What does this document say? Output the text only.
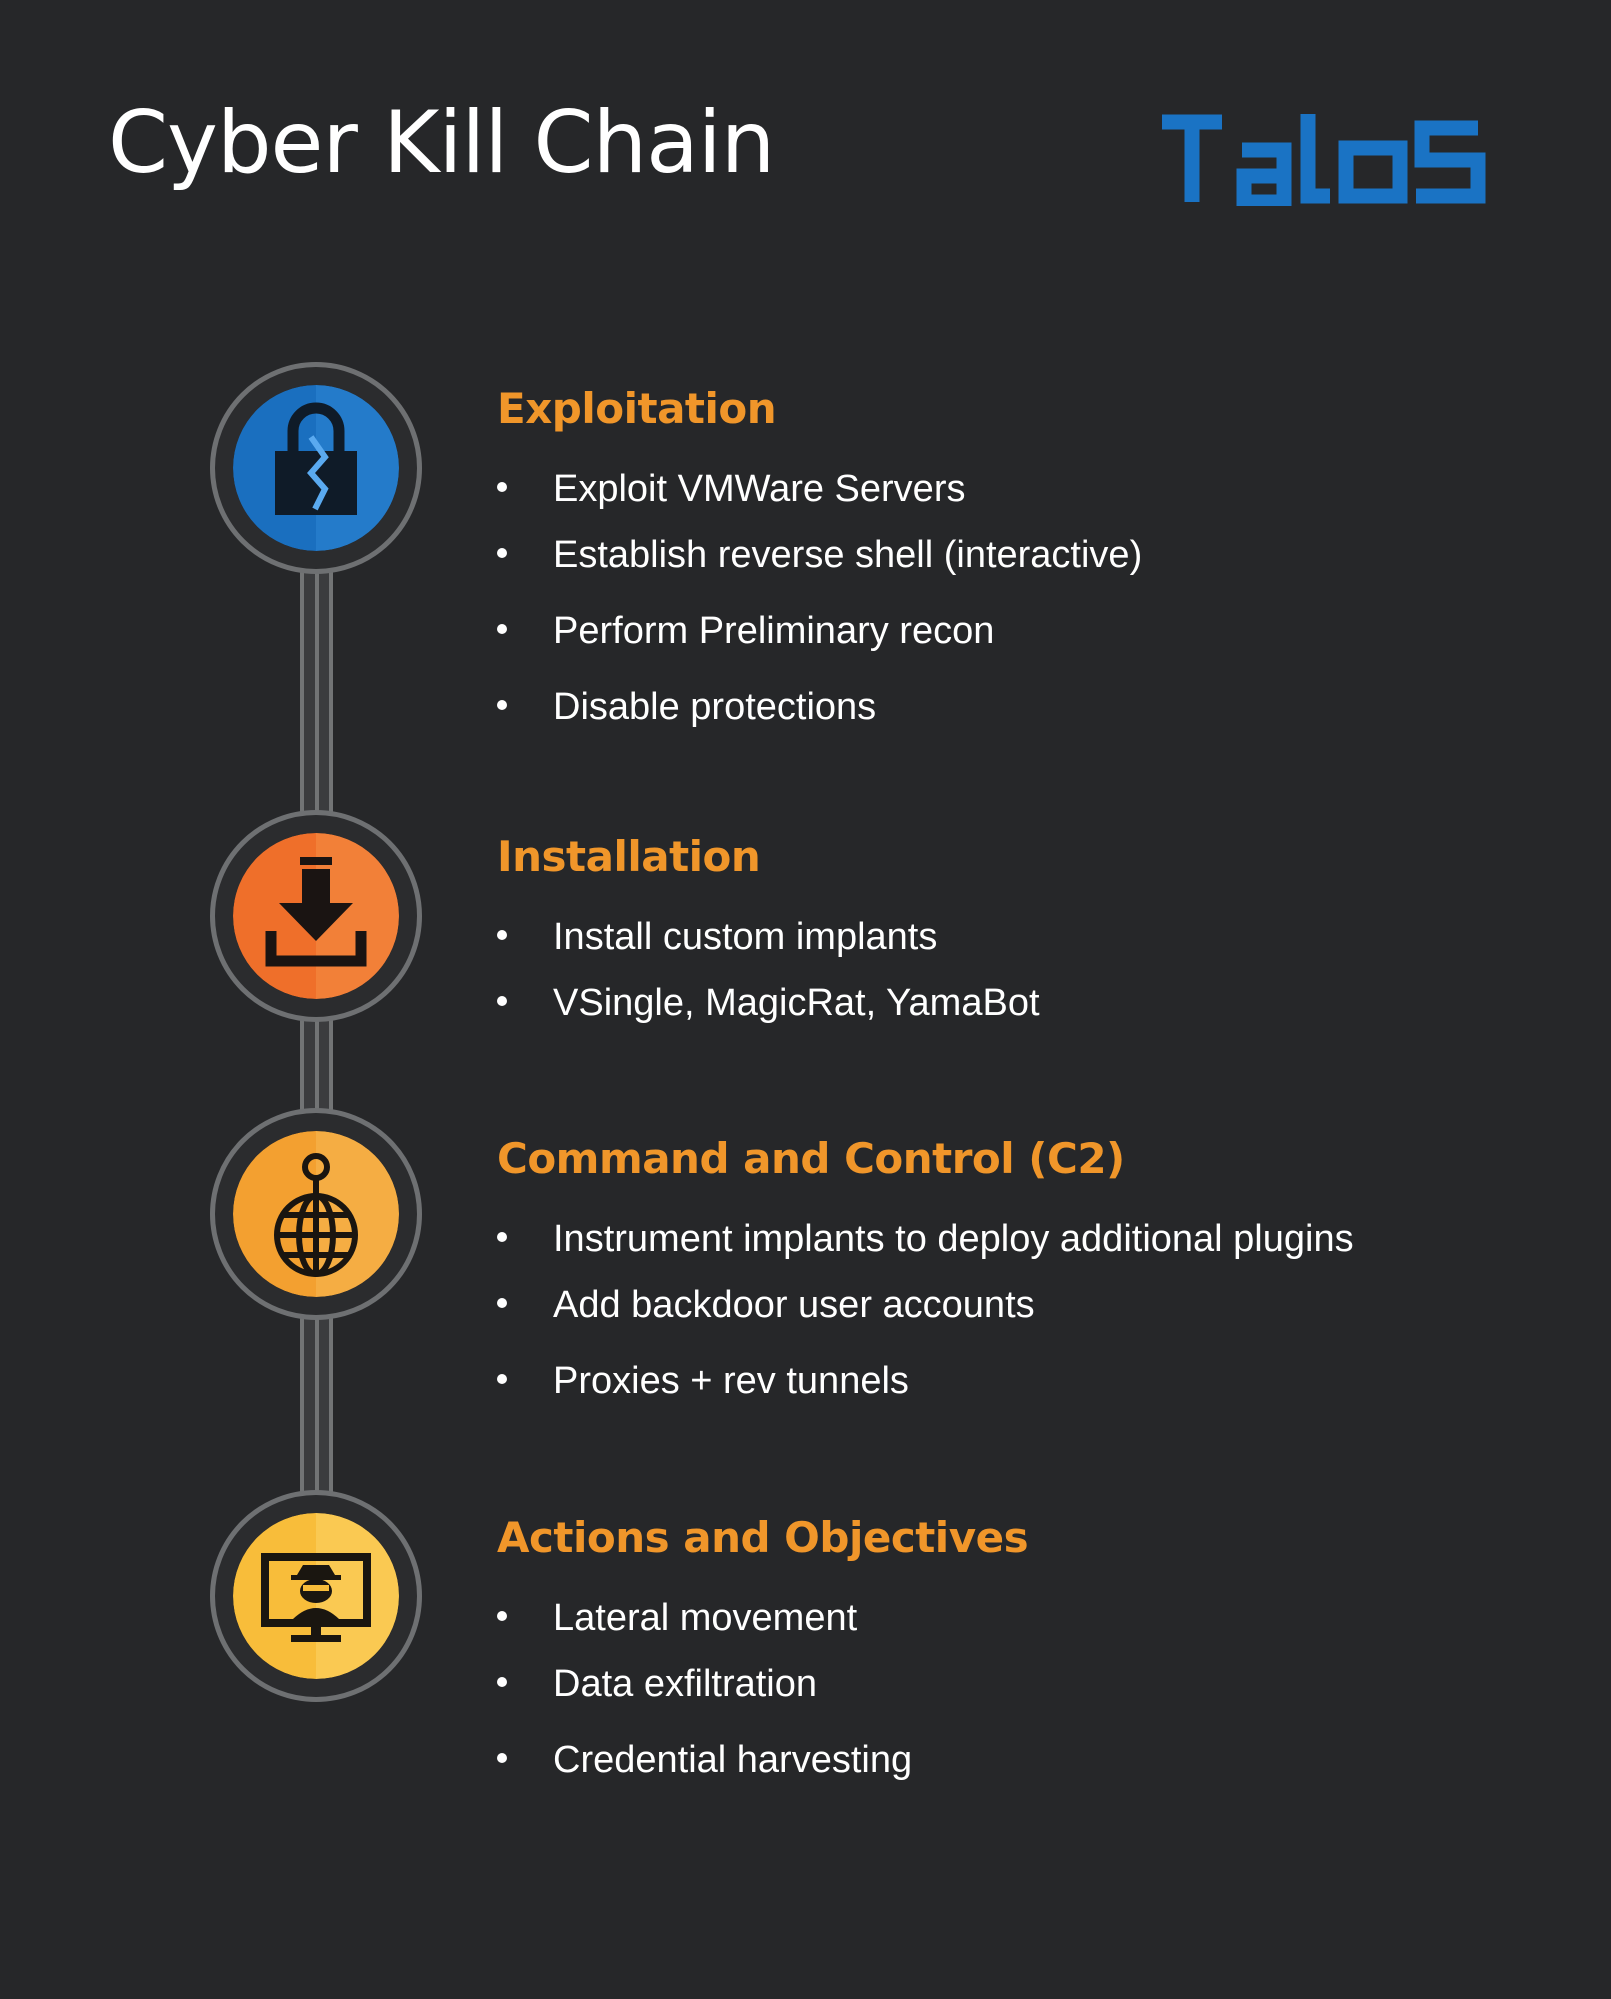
Cyber Kill Chain
Exploitation
Exploit VMWare Servers
Establish reverse shell (interactive)
Perform Preliminary recon
Disable protections
Installation
Install custom implants
VSingle, MagicRat, YamaBot
Command and Control (C2)
Instrument implants to deploy additional plugins
Add backdoor user accounts
Proxies + rev tunnels
Actions and Objectives
Lateral movement
Data exfiltration
Credential harvesting
